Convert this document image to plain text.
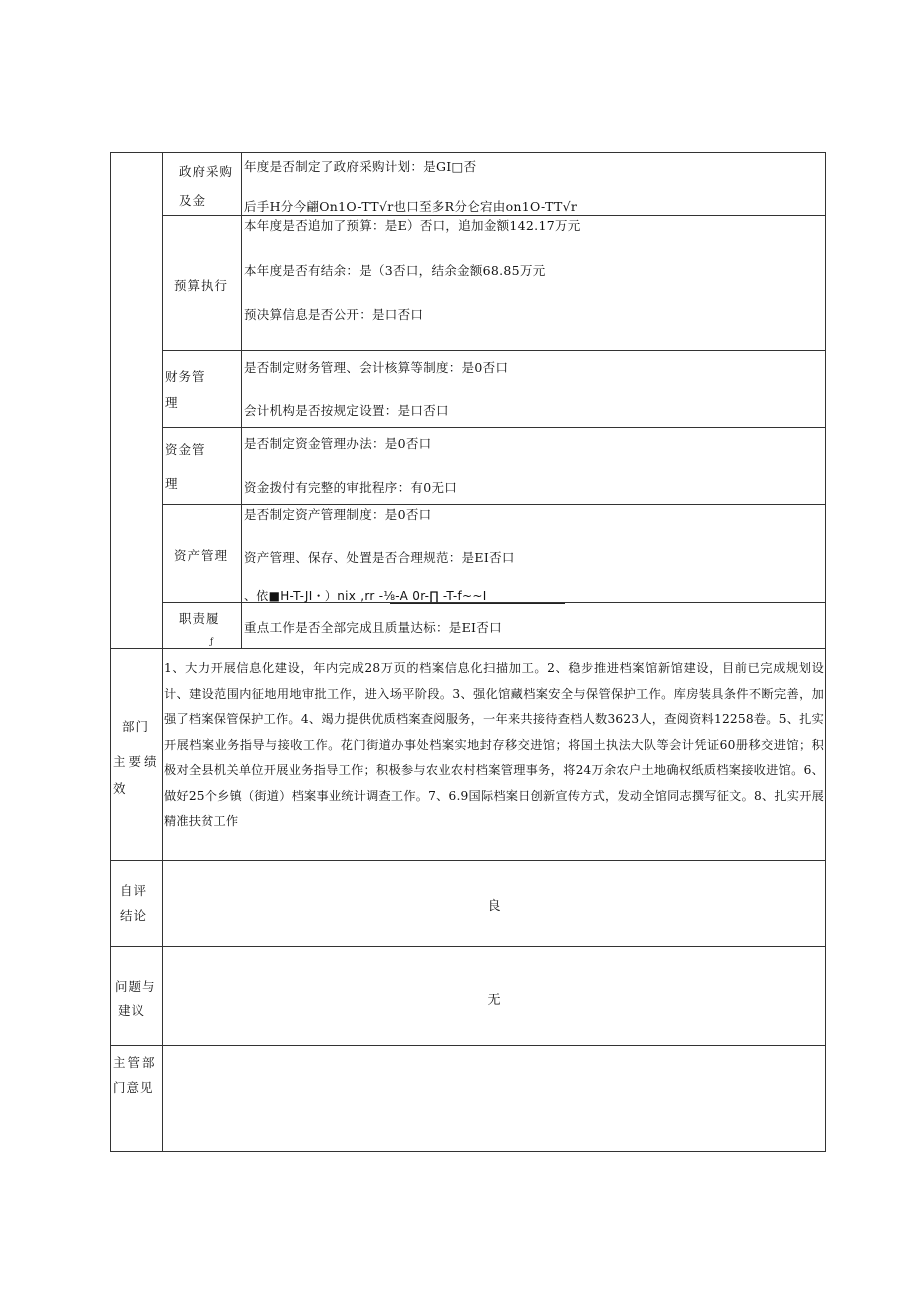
政府采购
及金
年度是否制定了政府采购计划：是GI□否
后手H分今翩On1O-TT√r也口至多R分仑宕由on1O-TT√r
预算执行
本年度是否追加了预算：是E）否口，追加金额142.17万元
本年度是否有结余：是（3否口，结余金额68.85万元
预决算信息是否公开：是口否口
财务管
理
是否制定财务管理、会计核算等制度：是0否口
会计机构是否按规定设置：是口否口
资金管
理
是否制定资金管理办法：是0否口
资金拨付有完整的审批程序：有0无口
资产管理
是否制定资产管理制度：是0否口
资产管理、保存、处置是否合理规范：是EI否口
、依■H-T-JI・）nix ,rr -⅛-A 0r-∏ -T-f~~I
职责履
ƒ
重点工作是否全部完成且质量达标：是EI否口
部门
主要绩
效
1、大力开展信息化建设，年内完成28万页的档案信息化扫描加工。2、稳步推进档案馆新馆建设，目前已完成规划设计、建设范围内征地用地审批工作，进入场平阶段。3、强化馆藏档案安全与保管保护工作。库房装具条件不断完善，加强了档案保管保护工作。4、竭力提供优质档案查阅服务，一年来共接待查档人数3623人，查阅资料12258卷。5、扎实开展档案业务指导与接收工作。花门街道办事处档案实地封存移交进馆；将国土执法大队等会计凭证60册移交进馆；积极对全县机关单位开展业务指导工作；积极参与农业农村档案管理事务，将24万余农户土地确权纸质档案接收进馆。6、做好25个乡镇（街道）档案事业统计调查工作。7、6.9国际档案日创新宣传方式，发动全馆同志撰写征文。8、扎实开展精准扶贫工作
自评
结论
良
问题与
建议
无
主管部
门意见
